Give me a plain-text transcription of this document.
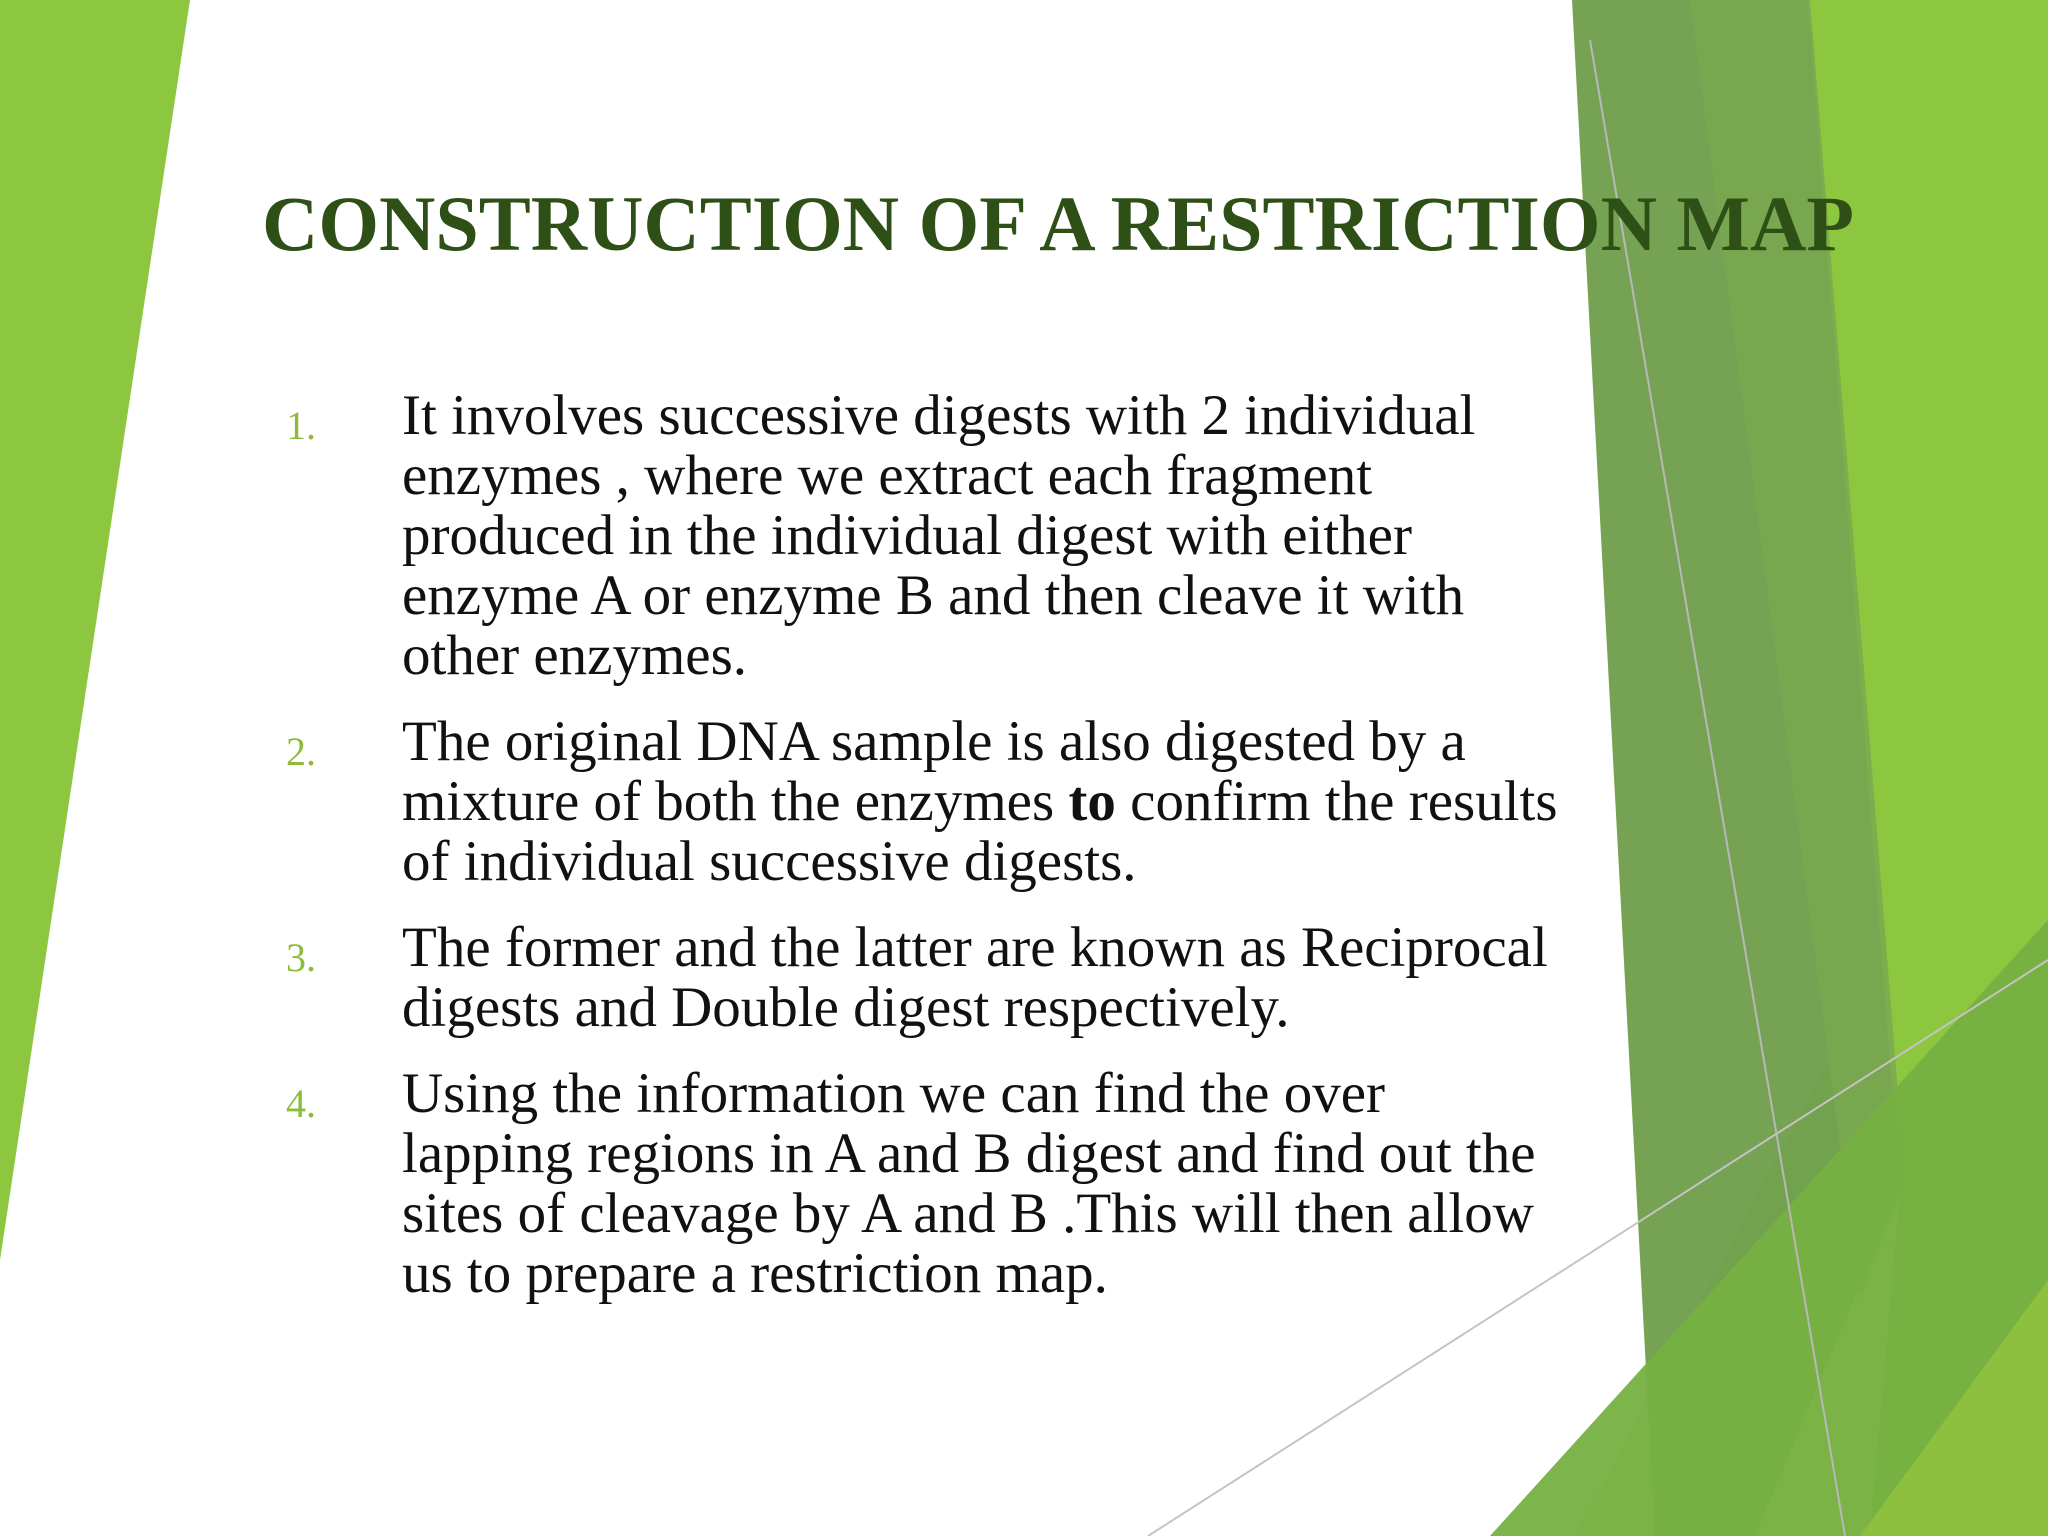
CONSTRUCTION OF A RESTRICTION MAP
1. It involves successive digests with 2 individual
enzymes , where we extract each fragment
produced in the individual digest with either
enzyme A or enzyme B and then cleave it with
other enzymes.
2. The original DNA sample is also digested by a
mixture of both the enzymes to confirm the results
of individual successive digests.
3. The former and the latter are known as Reciprocal
digests and Double digest respectively.
4. Using the information we can find the over
lapping regions in A and B digest and find out the
sites of cleavage by A and B .This will then allow
us to prepare a restriction map.
